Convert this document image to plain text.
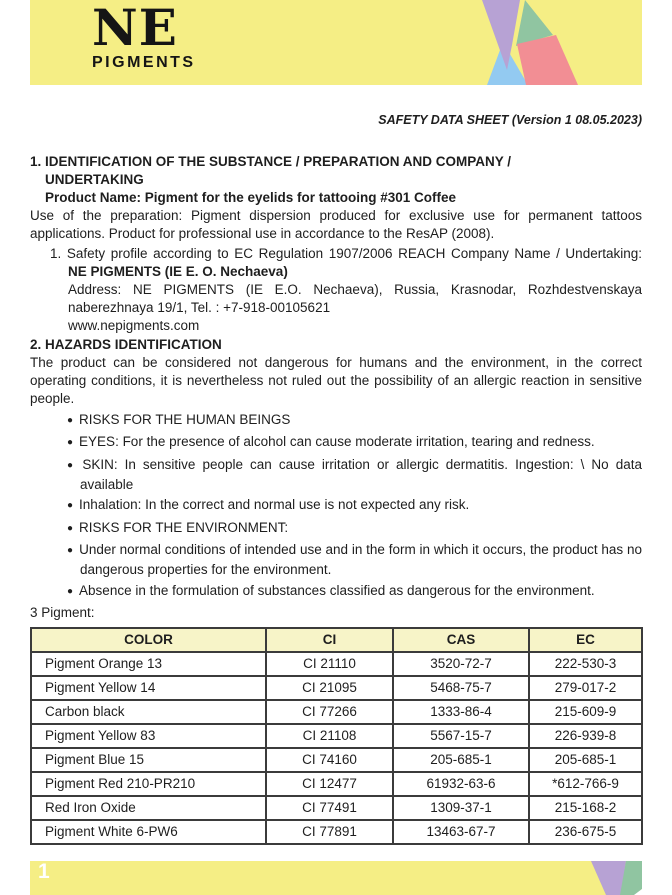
NE
PIGMENTS
SAFETY DATA SHEET (Version 1 08.05.2023)
1. IDENTIFICATION OF THE SUBSTANCE / PREPARATION AND COMPANY /
UNDERTAKING
Product Name: Pigment for the eyelids for tattooing #301 Coffee
Use of the preparation: Pigment dispersion produced for exclusive use for permanent tattoos applications. Product for professional use in accordance to the ResAP (2008).
1. Safety profile according to EC Regulation 1907/2006 REACH Company Name / Undertaking: NE PIGMENTS (IE E. O. Nechaeva)
Address: NE PIGMENTS (IE E.O. Nechaeva), Russia, Krasnodar, Rozhdestvenskaya naberezhnaya 19/1, Tel. : +7-918-00105621
www.nepigments.com
2. HAZARDS IDENTIFICATION
The product can be considered not dangerous for humans and the environment, in the correct operating conditions, it is nevertheless not ruled out the possibility of an allergic reaction in sensitive people.
● RISKS FOR THE HUMAN BEINGS
● EYES: For the presence of alcohol can cause moderate irritation, tearing and redness.
● SKIN: In sensitive people can cause irritation or allergic dermatitis. Ingestion: \ No data available
● Inhalation: In the correct and normal use is not expected any risk.
● RISKS FOR THE ENVIRONMENT:
● Under normal conditions of intended use and in the form in which it occurs, the product has no dangerous properties for the environment.
● Absence in the formulation of substances classified as dangerous for the environment.
3 Pigment:
COLOR	CI	CAS	EC
Pigment Orange 13	CI 21110	3520-72-7	222-530-3
Pigment Yellow 14	CI 21095	5468-75-7	279-017-2
Carbon black	CI 77266	1333-86-4	215-609-9
Pigment Yellow 83	CI 21108	5567-15-7	226-939-8
Pigment Blue 15	CI 74160	205-685-1	205-685-1
Pigment Red 210-PR210	CI 12477	61932-63-6	*612-766-9
Red Iron Oxide	CI 77491	1309-37-1	215-168-2
Pigment White 6-PW6	CI 77891	13463-67-7	236-675-5
1
